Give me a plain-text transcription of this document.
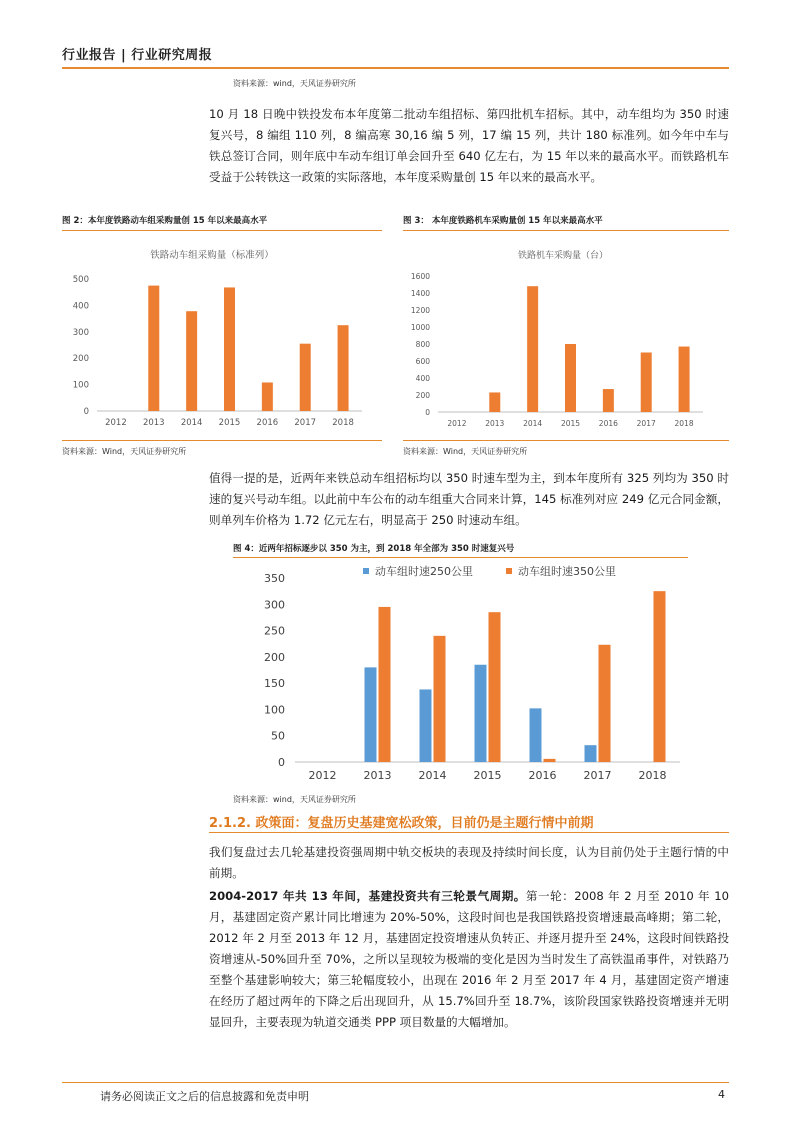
行业报告 | 行业研究周报
资料来源：wind，天风证券研究所
10 月 18 日晚中铁投发布本年度第二批动车组招标、第四批机车招标。其中，动车组均为 350 时速复兴号，8 编组 110 列，8 编高寒 30,16 编 5 列，17 编 15 列，共计 180 标准列。如今年中车与铁总签订合同，则年底中车动车组订单会回升至 640 亿左右，为 15 年以来的最高水平。而铁路机车受益于公转铁这一政策的实际落地，本年度采购量创 15 年以来的最高水平。
图 2：本年度铁路动车组采购量创 15 年以来最高水平
铁路动车组采购量（标准列）
0
100
200
300
400
500
2012 2013 2014 2015 2016 2017 2018
资料来源：Wind，天风证券研究所
图 3： 本年度铁路机车采购量创 15 年以来最高水平
铁路机车采购量（台）
0
200
400
600
800
1000
1200
1400
1600
2012	2013	2014	2015	2016	2017	2018
资料来源：Wind，天风证券研究所
值得一提的是，近两年来铁总动车组招标均以 350 时速车型为主，到本年度所有 325 列均为 350 时速的复兴号动车组。以此前中车公布的动车组重大合同来计算，145 标准列对应 249 亿元合同金额，则单列车价格为 1.72 亿元左右，明显高于 250 时速动车组。
图 4：近两年招标逐步以 350 为主，到 2018 年全部为 350 时速复兴号
0
50
100
150
200
250
300
350
2012 2013 2014 2015 2016 2017 2018
动车组时速250公里	动车组时速350公里
资料来源：wind，天风证券研究所
2.1.2. 政策面：复盘历史基建宽松政策，目前仍是主题行情中前期
我们复盘过去几轮基建投资强周期中轨交板块的表现及持续时间长度，认为目前仍处于主题行情的中前期。
2004-2017 年共 13 年间，基建投资共有三轮景气周期。第一轮：2008 年 2 月至 2010 年 10 月，基建固定资产累计同比增速为 20%-50%，这段时间也是我国铁路投资增速最高峰期；第二轮，2012 年 2 月至 2013 年 12 月，基建固定投资增速从负转正、并逐月提升至 24%，这段时间铁路投资增速从-50%回升至 70%，之所以呈现较为极端的变化是因为当时发生了高铁温甬事件，对铁路乃至整个基建影响较大；第三轮幅度较小，出现在 2016 年 2 月至 2017 年 4 月，基建固定资产增速在经历了超过两年的下降之后出现回升，从 15.7%回升至 18.7%，该阶段国家铁路投资增速并无明显回升，主要表现为轨道交通类 PPP 项目数量的大幅增加。
请务必阅读正文之后的信息披露和免责申明	4
